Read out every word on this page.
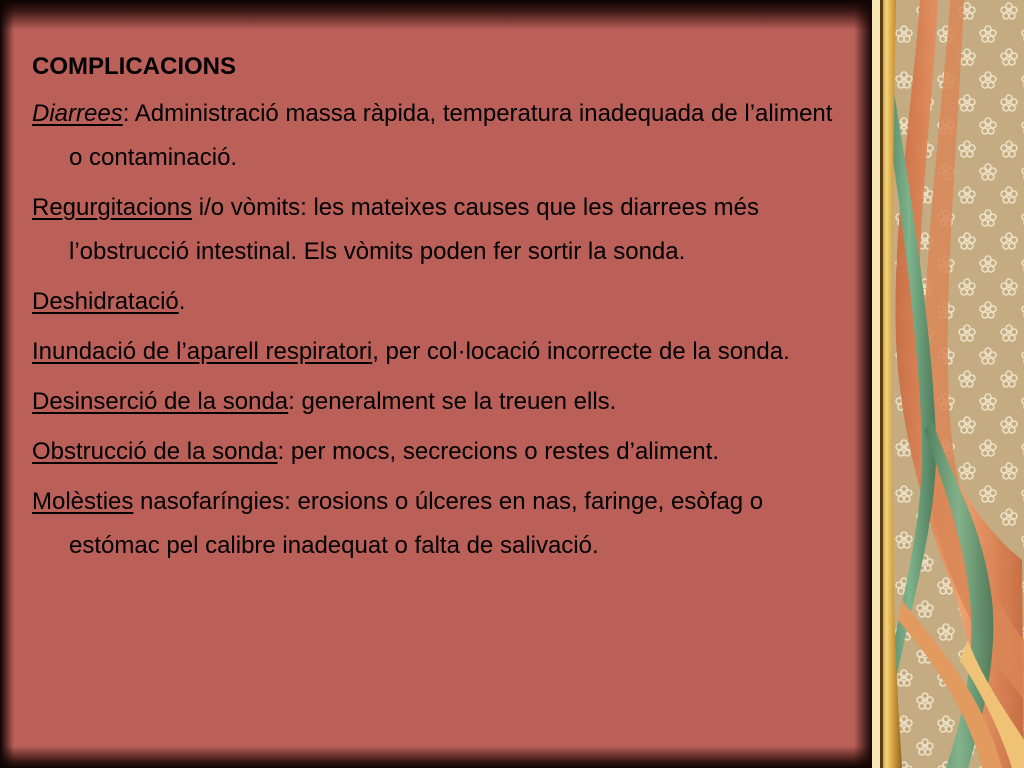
COMPLICACIONS

Diarrees: Administració massa ràpida, temperatura inadequada de l’aliment o contaminació.

Regurgitacions i/o vòmits: les mateixes causes que les diarrees més l’obstrucció intestinal. Els vòmits poden fer sortir la sonda.

Deshidratació.

Inundació de l’aparell respiratori, per col·locació incorrecte de la sonda.

Desinserció de la sonda: generalment se la treuen ells.

Obstrucció de la sonda: per mocs, secrecions o restes d’aliment.

Molèsties nasofaríngies: erosions o úlceres en nas, faringe, esòfag o estómac pel calibre inadequat o falta de salivació.
